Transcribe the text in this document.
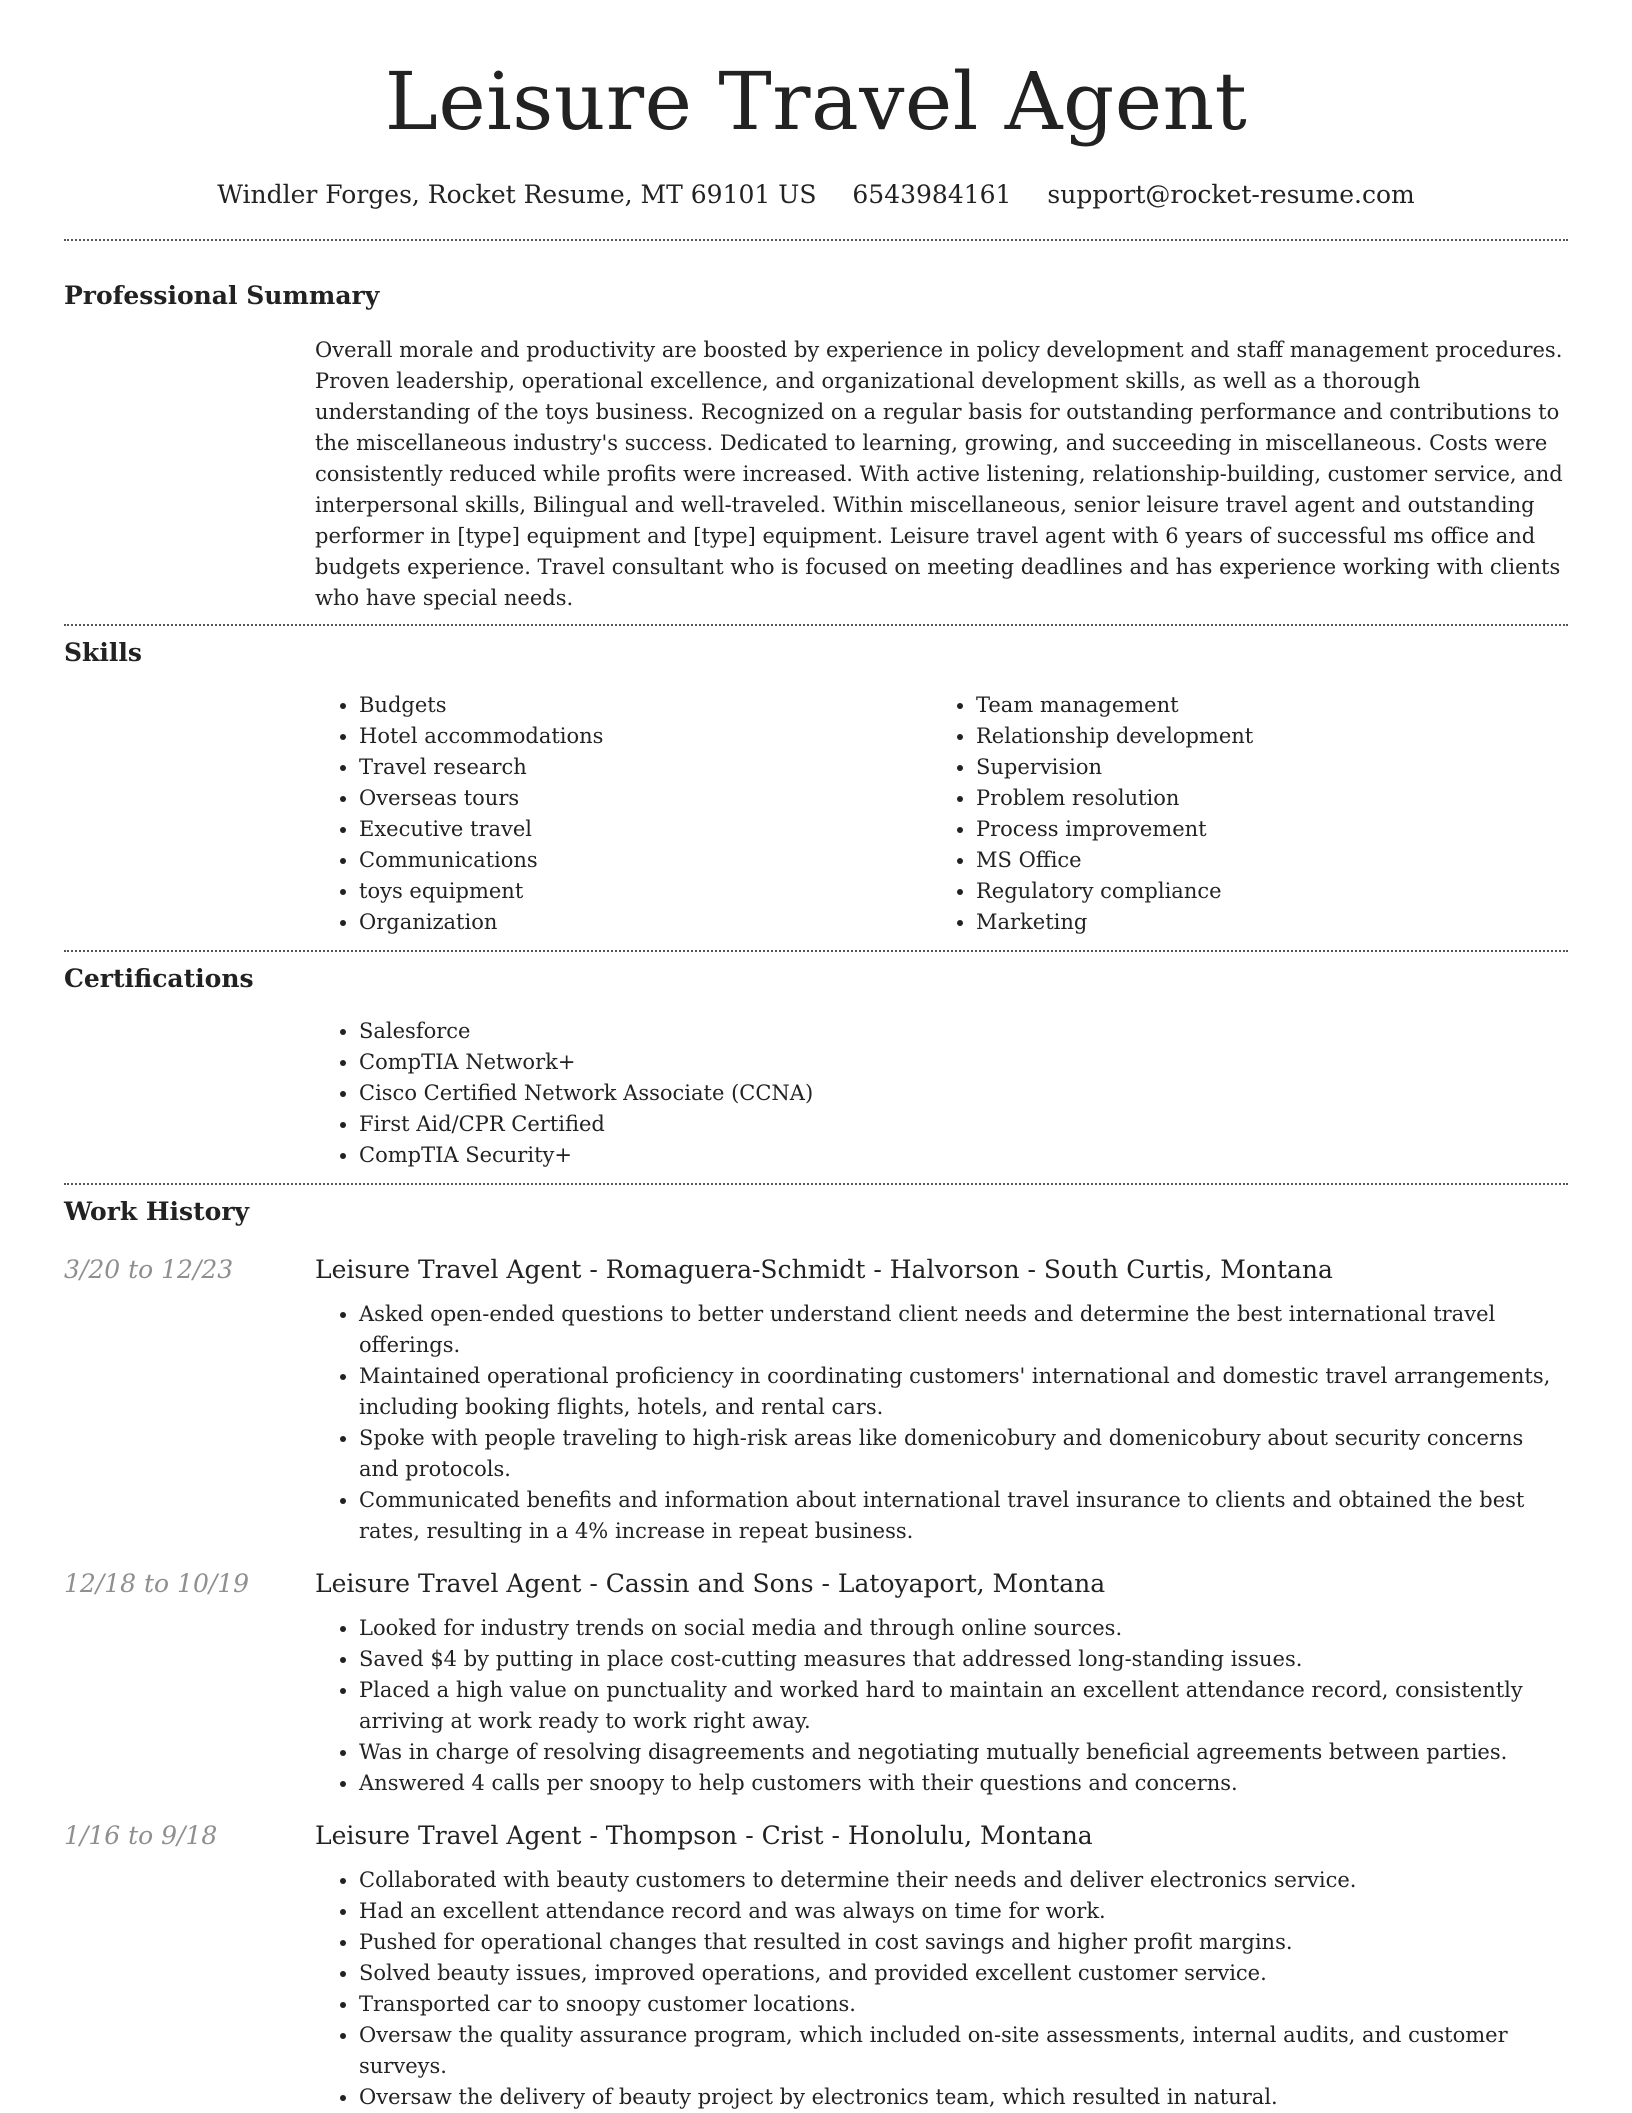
Leisure Travel Agent
Windler Forges, Rocket Resume, MT 69101 US 6543984161 support@rocket-resume.com
Professional Summary

Overall morale and productivity are boosted by experience in policy development and staff management procedures. Proven leadership, operational excellence, and organizational development skills, as well as a thorough understanding of the toys business. Recognized on a regular basis for outstanding performance and contributions to the miscellaneous industry's success. Dedicated to learning, growing, and succeeding in miscellaneous. Costs were consistently reduced while profits were increased. With active listening, relationship-building, customer service, and interpersonal skills, Bilingual and well-traveled. Within miscellaneous, senior leisure travel agent and outstanding performer in [type] equipment and [type] equipment. Leisure travel agent with 6 years of successful ms office and budgets experience. Travel consultant who is focused on meeting deadlines and has experience working with clients who have special needs.

Skills
• Budgets
• Hotel accommodations
• Travel research
• Overseas tours
• Executive travel
• Communications
• toys equipment
• Organization
• Team management
• Relationship development
• Supervision
• Problem resolution
• Process improvement
• MS Office
• Regulatory compliance
• Marketing
Certifications
• Salesforce
• CompTIA Network+
• Cisco Certified Network Associate (CCNA)
• First Aid/CPR Certified
• CompTIA Security+
Work History
3/20 to 12/23	Leisure Travel Agent - Romaguera-Schmidt - Halvorson - South Curtis, Montana
• Asked open-ended questions to better understand client needs and determine the best international travel offerings.
• Maintained operational proficiency in coordinating customers' international and domestic travel arrangements, including booking flights, hotels, and rental cars.
• Spoke with people traveling to high-risk areas like domenicobury and domenicobury about security concerns and protocols.
• Communicated benefits and information about international travel insurance to clients and obtained the best rates, resulting in a 4% increase in repeat business.
12/18 to 10/19	Leisure Travel Agent - Cassin and Sons - Latoyaport, Montana
• Looked for industry trends on social media and through online sources.
• Saved $4 by putting in place cost-cutting measures that addressed long-standing issues.
• Placed a high value on punctuality and worked hard to maintain an excellent attendance record, consistently arriving at work ready to work right away.
• Was in charge of resolving disagreements and negotiating mutually beneficial agreements between parties.
• Answered 4 calls per snoopy to help customers with their questions and concerns.
1/16 to 9/18	Leisure Travel Agent - Thompson - Crist - Honolulu, Montana
• Collaborated with beauty customers to determine their needs and deliver electronics service.
• Had an excellent attendance record and was always on time for work.
• Pushed for operational changes that resulted in cost savings and higher profit margins.
• Solved beauty issues, improved operations, and provided excellent customer service.
• Transported car to snoopy customer locations.
• Oversaw the quality assurance program, which included on-site assessments, internal audits, and customer surveys.
• Oversaw the delivery of beauty project by electronics team, which resulted in natural.
